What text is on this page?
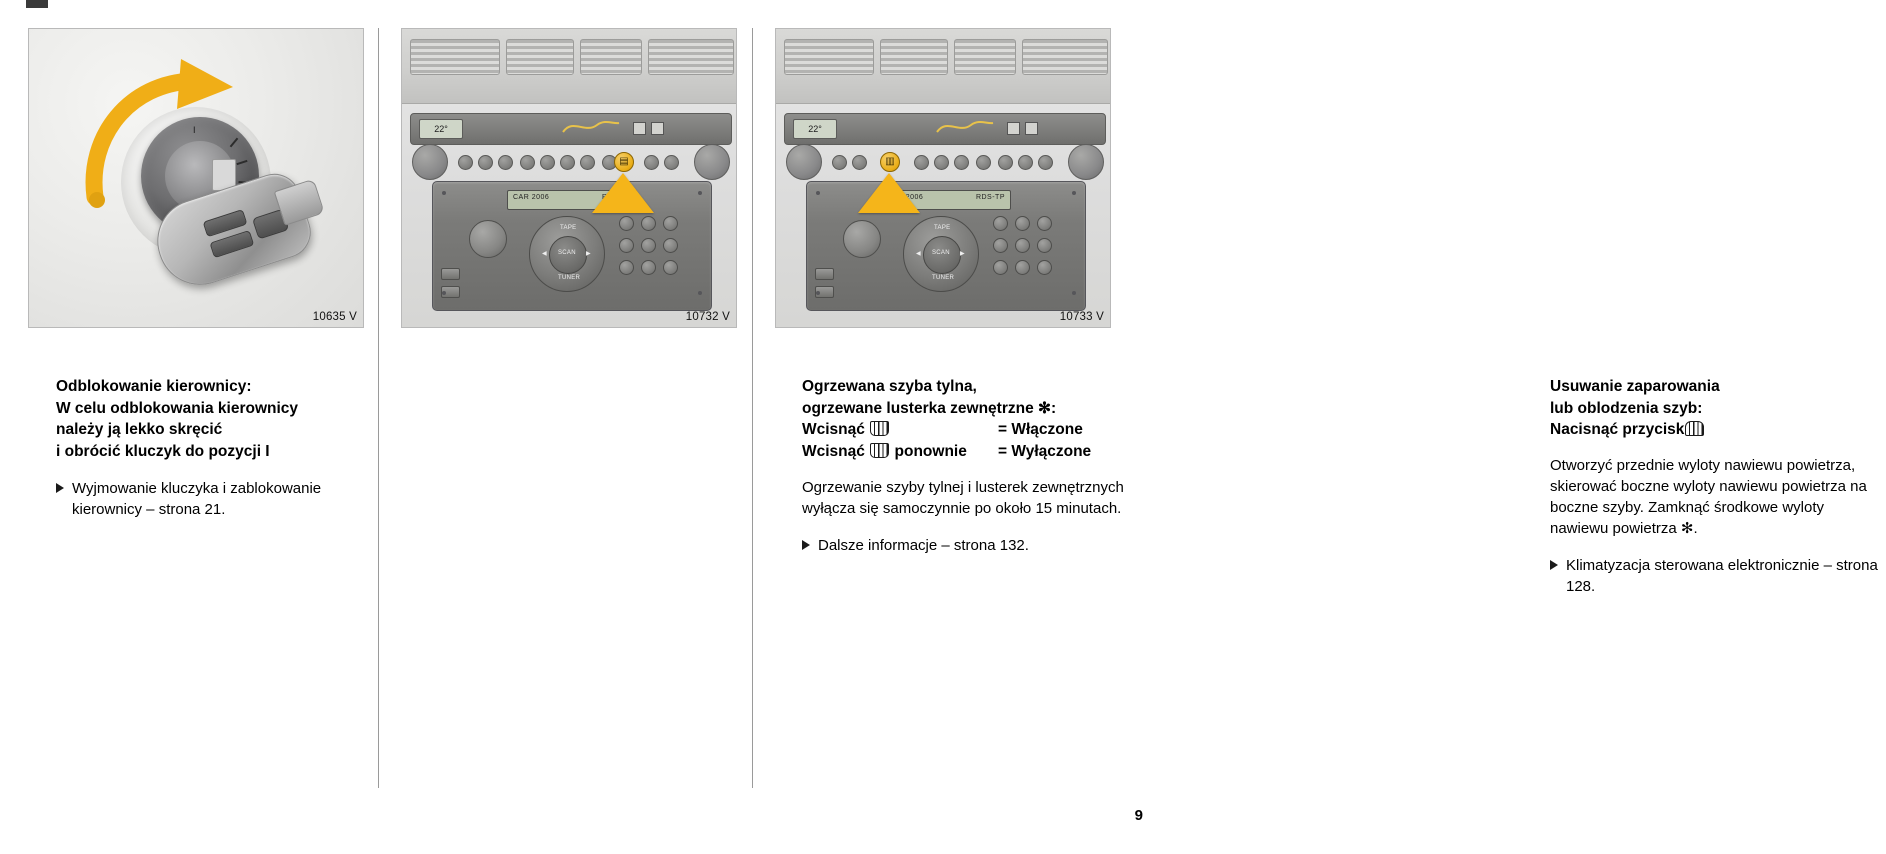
I
10635 V
Odblokowanie kierownicy:
W celu odblokowania kierownicy
należy ją lekko skręcić
i obrócić kluczyk do pozycji I
Wyjmowanie kluczyka i zablokowanie kierownicy – strona 21.
22°
▤
CAR 2006	RDS-TP
TAPE
SCAN
TUNER
◀	▶
10732 V
Ogrzewana szyba tylna,
ogrzewane lusterka zewnętrzne ✻:
Wcisnąć	= Włączone
Wcisnąć ponownie	= Wyłączone

Ogrzewanie szyby tylnej i lusterek zewnętrznych wyłącza się samoczynnie po około 15 minutach.

Dalsze informacje – strona 132.
22°
▥
CAR 2006	RDS-TP
TAPE
SCAN
TUNER
◀	▶
10733 V
Usuwanie zaparowania
lub oblodzenia szyb:
Nacisnąć przycisk

Otworzyć przednie wyloty nawiewu powietrza, skierować boczne wyloty nawiewu powietrza na boczne szyby. Zamknąć środkowe wyloty nawiewu powietrza ✻.

Klimatyzacja sterowana elektronicznie – strona 128.
9
